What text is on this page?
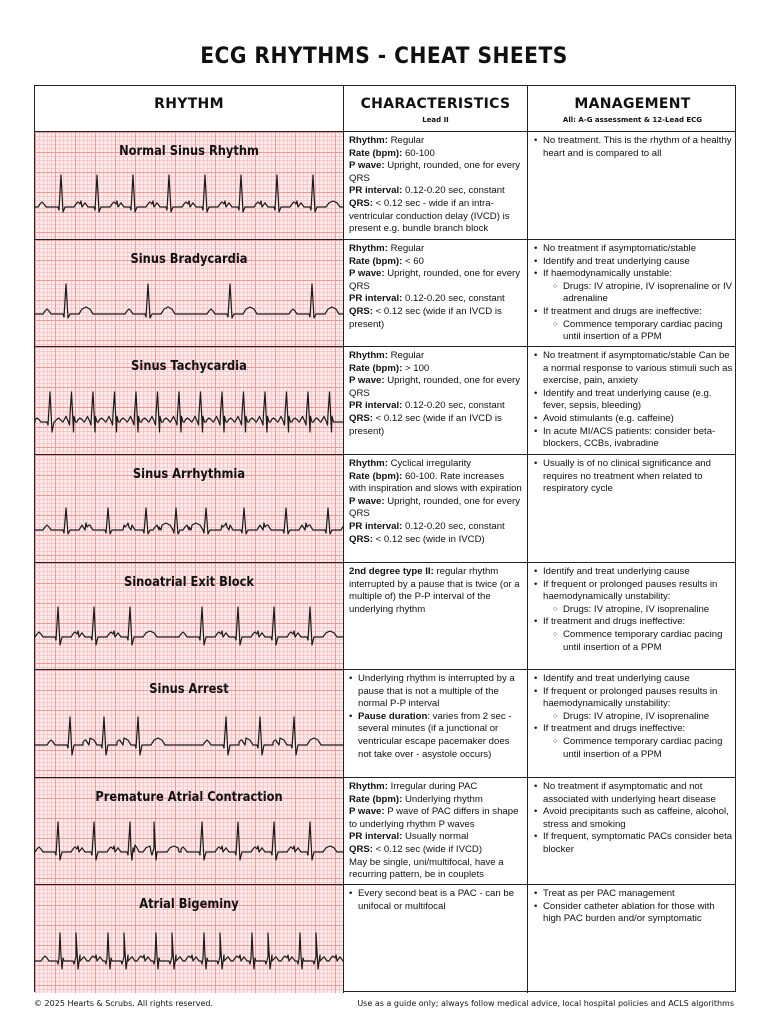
ECG RHYTHMS - CHEAT SHEETS
RHYTHM	CHARACTERISTICS
Lead II
MANAGEMENT
All: A-G assessment & 12-Lead ECG
Normal Sinus Rhythm
Rhythm: Regular
Rate (bpm): 60-100
P wave: Upright, rounded, one for every QRS
PR interval: 0.12-0.20 sec, constant
QRS: < 0.12 sec - wide if an intra-ventricular conduction delay (IVCD) is present e.g. bundle branch block
• No treatment. This is the rhythm of a healthy heart and is compared to all
Sinus Bradycardia
Rhythm: Regular
Rate (bpm): < 60
P wave: Upright, rounded, one for every QRS
PR interval: 0.12-0.20 sec, constant
QRS: < 0.12 sec (wide if an IVCD is present)
• No treatment if asymptomatic/stable
• Identify and treat underlying cause
• If haemodynamically unstable:
○ Drugs: IV atropine, IV isoprenaline or IV adrenaline
• If treatment and drugs are ineffective:
○ Commence temporary cardiac pacing until insertion of a PPM
Sinus Tachycardia
Rhythm: Regular
Rate (bpm): > 100
P wave: Upright, rounded, one for every QRS
PR interval: 0.12-0.20 sec, constant
QRS: < 0.12 sec (wide if an IVCD is present)
• No treatment if asymptomatic/stable Can be a normal response to various stimuli such as exercise, pain, anxiety
• Identify and treat underlying cause (e.g. fever, sepsis, bleeding)
• Avoid stimulants (e.g. caffeine)
• In acute MI/ACS patients: consider beta-blockers, CCBs, ivabradine
Sinus Arrhythmia
Rhythm: Cyclical irregularity
Rate (bpm): 60-100. Rate increases with inspiration and slows with expiration
P wave: Upright, rounded, one for every QRS
PR interval: 0.12-0.20 sec, constant
QRS: < 0.12 sec (wide in IVCD)
• Usually is of no clinical significance and requires no treatment when related to respiratory cycle
Sinoatrial Exit Block
2nd degree type II: regular rhythm interrupted by a pause that is twice (or a multiple of) the P-P interval of the underlying rhythm
• Identify and treat underlying cause
• If frequent or prolonged pauses results in haemodynamically unstability:
○ Drugs: IV atropine, IV isoprenaline
• If treatment and drugs ineffective:
○ Commence temporary cardiac pacing until insertion of a PPM
Sinus Arrest
• Underlying rhythm is interrupted by a pause that is not a multiple of the normal P-P interval
• Pause duration: varies from 2 sec - several minutes (if a junctional or ventricular escape pacemaker does not take over - asystole occurs)
• Identify and treat underlying cause
• If frequent or prolonged pauses results in haemodynamically unstability:
○ Drugs: IV atropine, IV isoprenaline
• If treatment and drugs ineffective:
○ Commence temporary cardiac pacing until insertion of a PPM
Premature Atrial Contraction
Rhythm: Irregular during PAC
Rate (bpm): Underlying rhythm
P wave: P wave of PAC differs in shape to underlying rhythm P waves
PR interval: Usually normal
QRS: < 0.12 sec (wide if IVCD)
May be single, uni/multifocal, have a recurring pattern, be in couplets
• No treatment if asymptomatic and not associated with underlying heart disease
• Avoid precipitants such as caffeine, alcohol, stress and smoking
• If frequent, symptomatic PACs consider beta blocker
Atrial Bigeminy
• Every second beat is a PAC - can be unifocal or multifocal
• Treat as per PAC management
• Consider catheter ablation for those with high PAC burden and/or symptomatic
© 2025 Hearts & Scrubs. All rights reserved.	Use as a guide only; always follow medical advice, local hospital policies and ACLS algorithms
